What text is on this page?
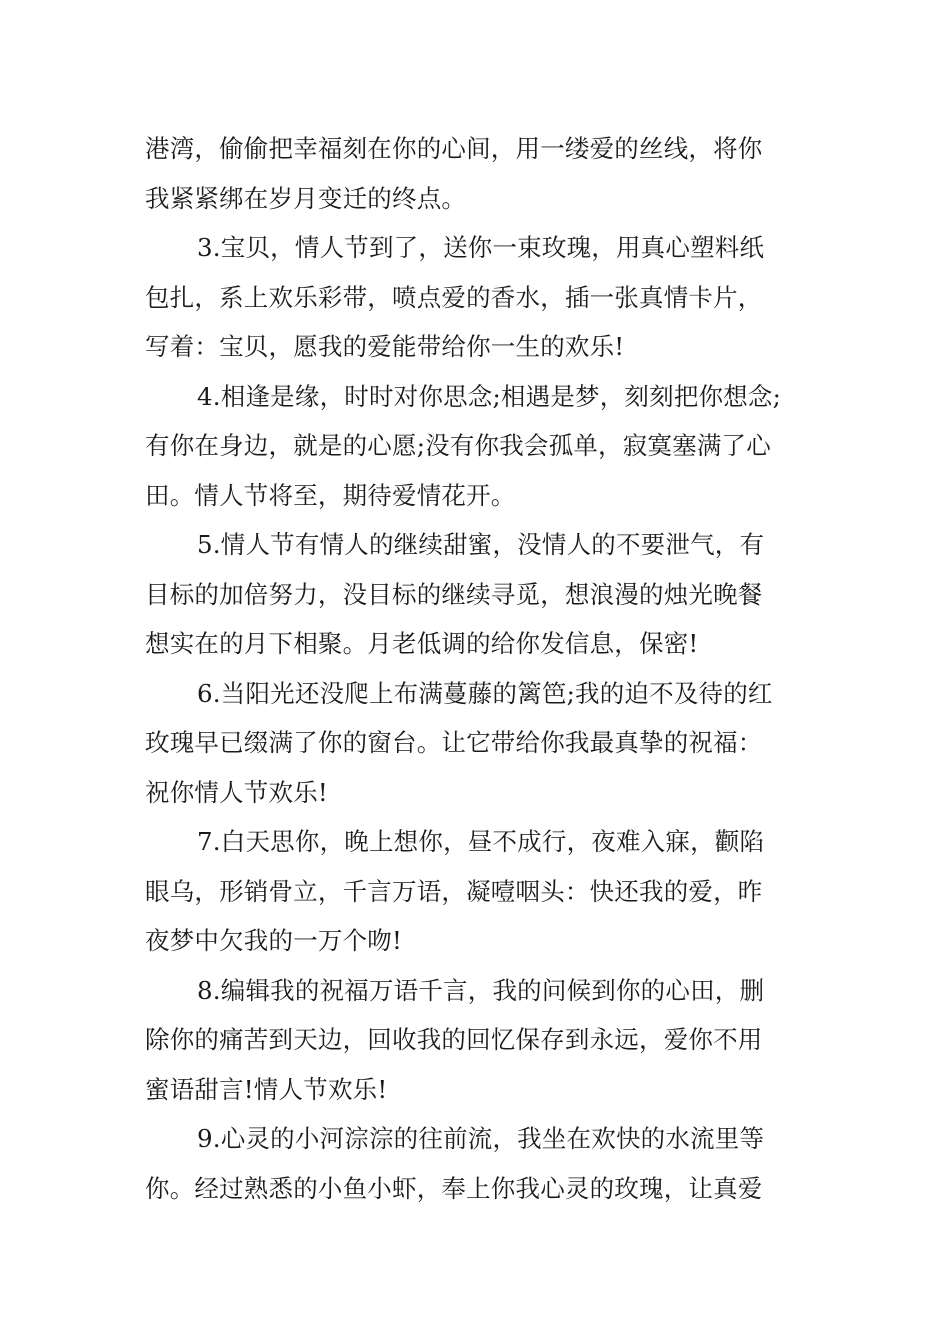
港湾，偷偷把幸福刻在你的心间，用一缕爱的丝线，将你
我紧紧绑在岁月变迁的终点。
3.宝贝，情人节到了，送你一束玫瑰，用真心塑料纸
包扎，系上欢乐彩带，喷点爱的香水，插一张真情卡片，
写着：宝贝，愿我的爱能带给你一生的欢乐!
4.相逢是缘，时时对你思念;相遇是梦，刻刻把你想念;
有你在身边，就是的心愿;没有你我会孤单，寂寞塞满了心
田。情人节将至，期待爱情花开。
5.情人节有情人的继续甜蜜，没情人的不要泄气，有
目标的加倍努力，没目标的继续寻觅，想浪漫的烛光晚餐
想实在的月下相聚。月老低调的给你发信息，保密!
6.当阳光还没爬上布满蔓藤的篱笆;我的迫不及待的红
玫瑰早已缀满了你的窗台。让它带给你我最真挚的祝福：
祝你情人节欢乐!
7.白天思你，晚上想你，昼不成行，夜难入寐，颧陷
眼乌，形销骨立，千言万语，凝噎咽头：快还我的爱，昨
夜梦中欠我的一万个吻!
8.编辑我的祝福万语千言，我的问候到你的心田，删
除你的痛苦到天边，回收我的回忆保存到永远，爱你不用
蜜语甜言!情人节欢乐!
9.心灵的小河淙淙的往前流，我坐在欢快的水流里等
你。经过熟悉的小鱼小虾，奉上你我心灵的玫瑰，让真爱
